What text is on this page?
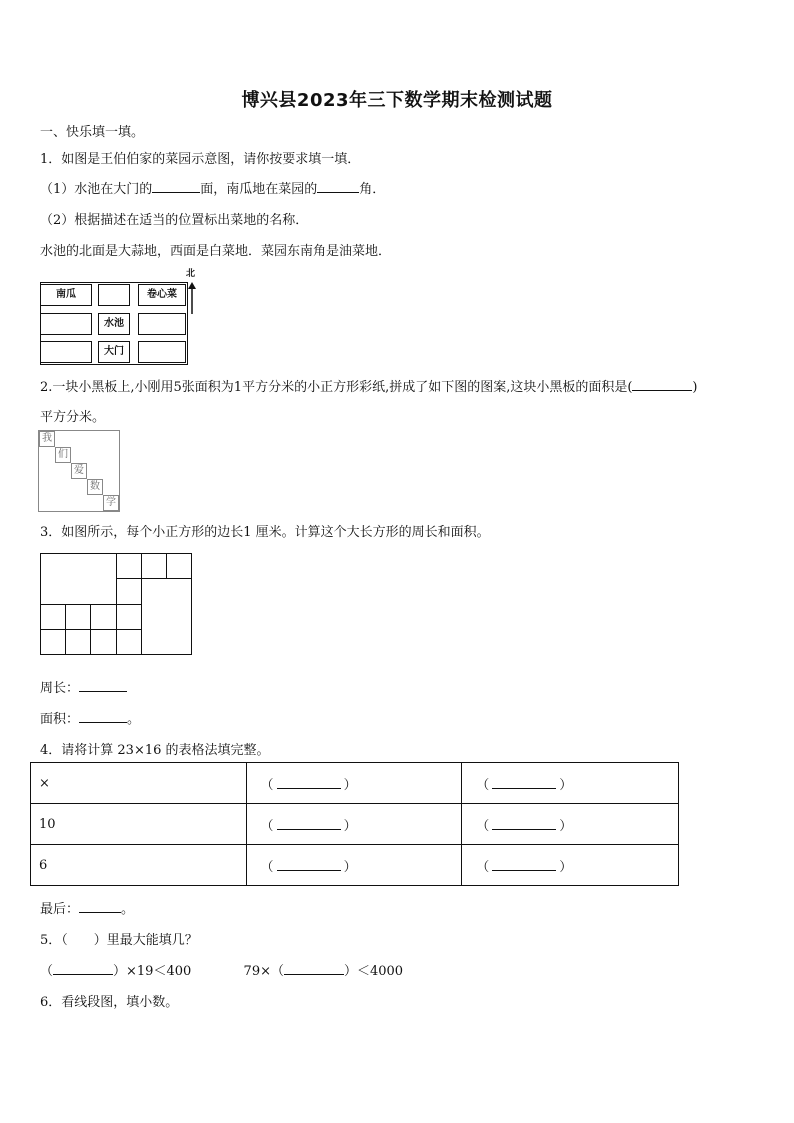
博兴县2023年三下数学期末检测试题
一、快乐填一填。
1．如图是王伯伯家的菜园示意图，请你按要求填一填．
（1）水池在大门的	面，南瓜地在菜园的	角．
（2）根据描述在适当的位置标出菜地的名称．
水池的北面是大蒜地，西面是白菜地．菜园东南角是油菜地．
南瓜	卷心菜
水池
大门
北
2.一块小黑板上,小刚用5张面积为1平方分米的小正方形彩纸,拼成了如下图的图案,这块小黑板的面积是(	)
平方分米。
我
们
爱
数
学
3．如图所示，每个小正方形的边长1 厘米。计算这个大长方形的周长和面积。
周长：
面积：	。
4．请将计算 23×16 的表格法填完整。
×	（ ）	（ ）
10	（ ）	（ ）
6	（ ）	（ ）
最后：	。
5．（　　）里最大能填几？
（	）×19＜400	79×（	）＜4000
6．看线段图，填小数。
